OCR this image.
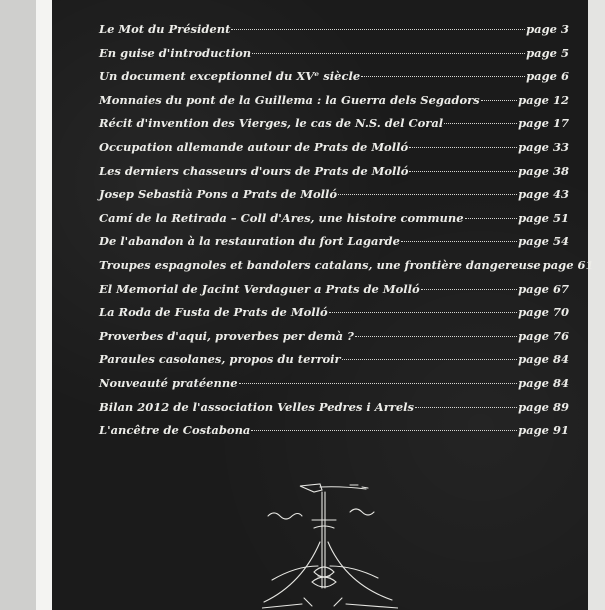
Le Mot du Président	page 3
En guise d'introduction	page 5
Un document exceptionnel du XVᵉ siècle	page 6
Monnaies du pont de la Guillema : la Guerra dels Segadors	page 12
Récit d'invention des Vierges, le cas de N.S. del Coral	page 17
Occupation allemande autour de Prats de Molló	page 33
Les derniers chasseurs d'ours de Prats de Molló	page 38
Josep Sebastià Pons a Prats de Molló	page 43
Camí de la Retirada – Coll d'Ares, une histoire commune	page 51
De l'abandon à la restauration du fort Lagarde	page 54
Troupes espagnoles et bandolers catalans, une frontière dangereuse page 61
El Memorial de Jacint Verdaguer a Prats de Molló	page 67
La Roda de Fusta de Prats de Molló	page 70
Proverbes d'aqui, proverbes per demà ?	page 76
Paraules casolanes, propos du terroir	page 84
Nouveauté pratéenne	page 84
Bilan 2012 de l'association Velles Pedres i Arrels	page 89
L'ancêtre de Costabona	page 91
